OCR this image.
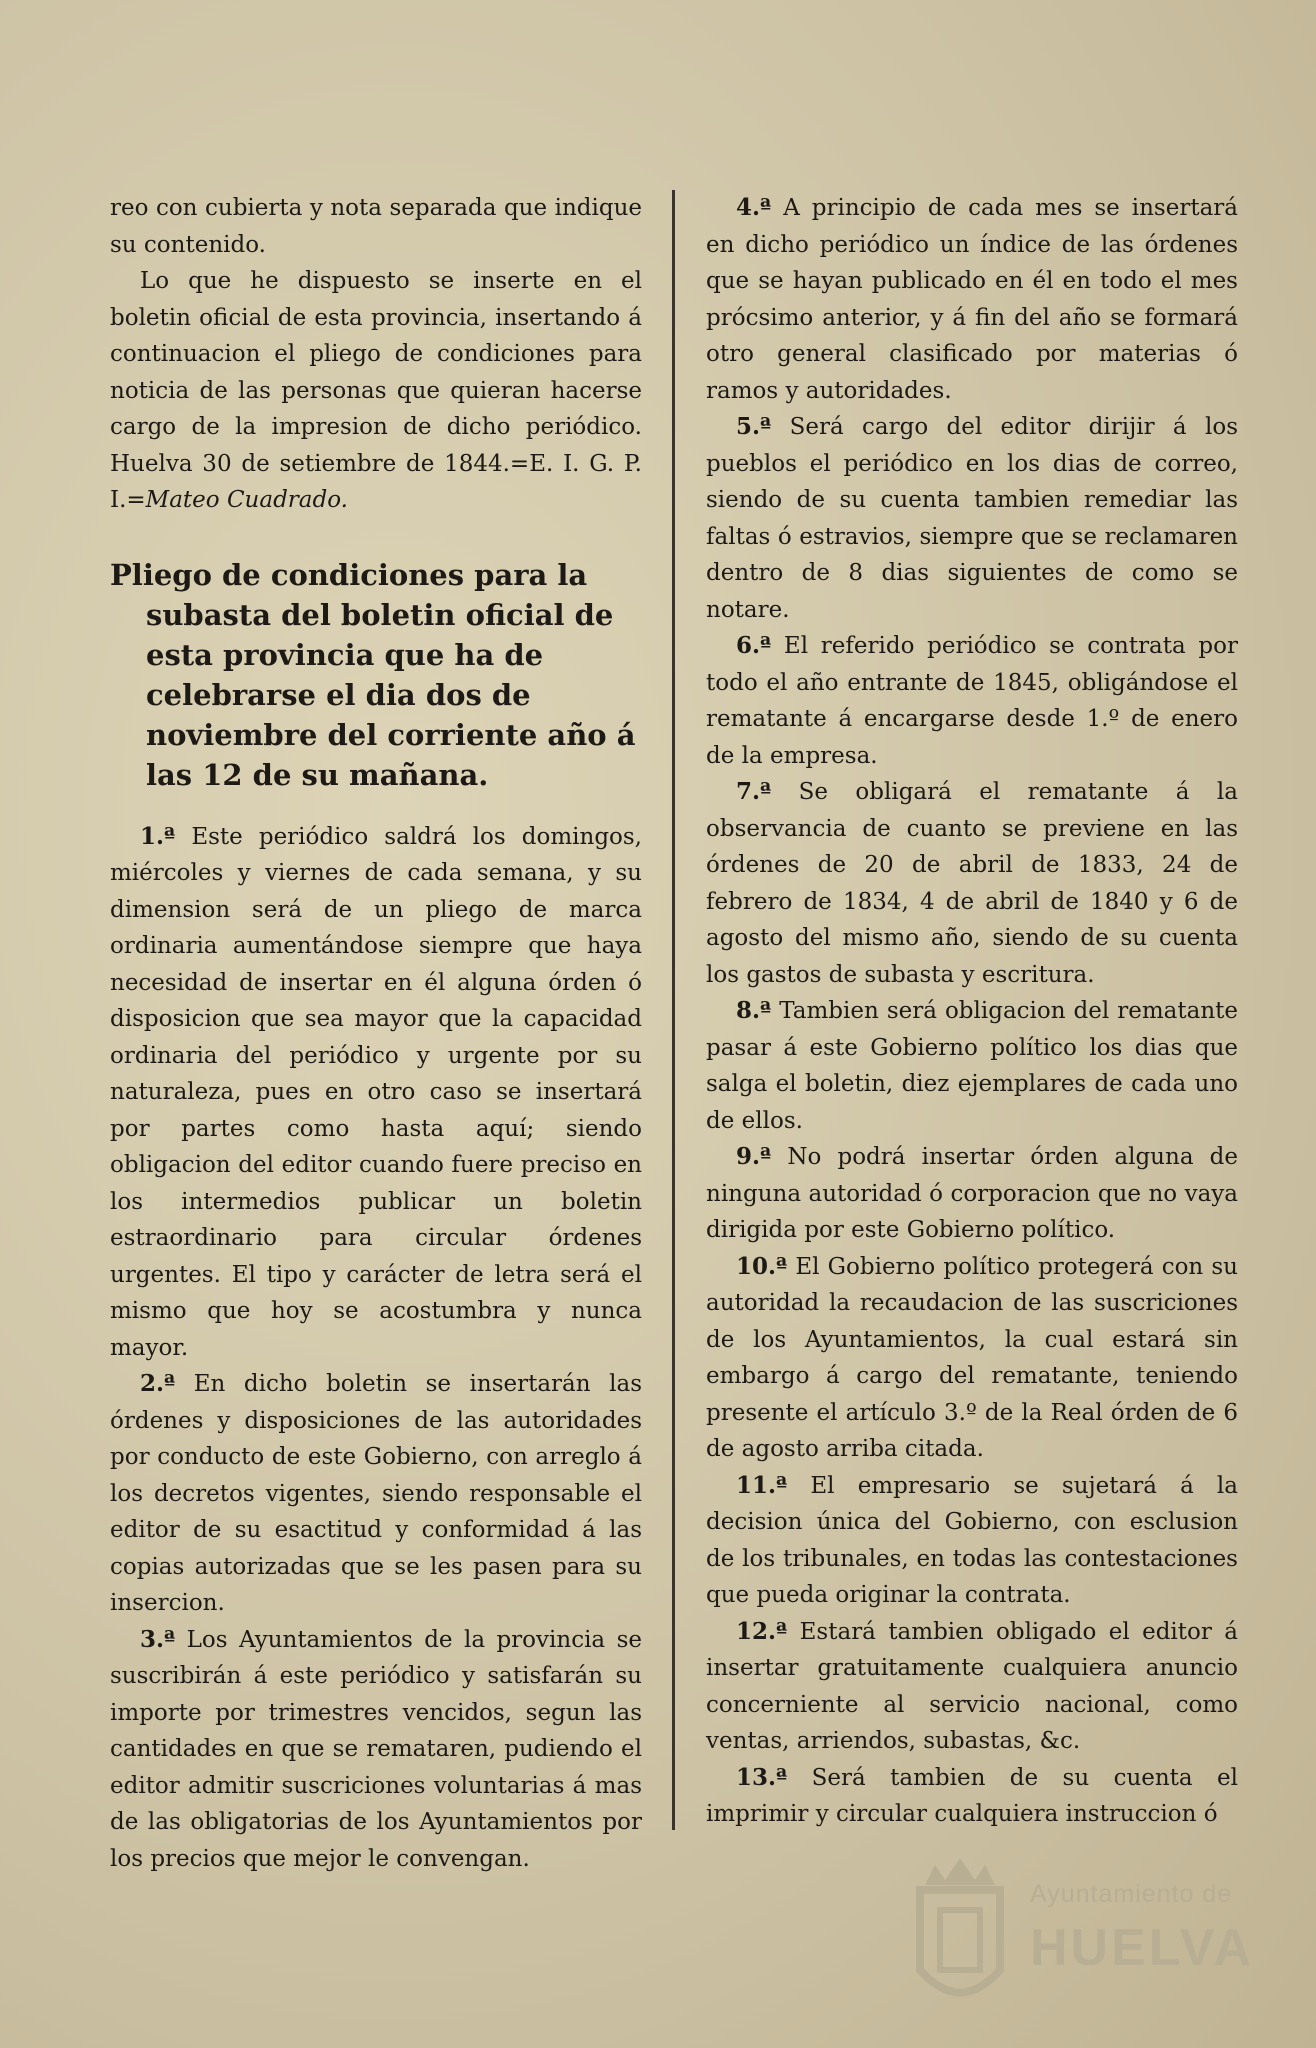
reo con cubierta y nota separada que indique su contenido.

Lo que he dispuesto se inserte en el boletin oficial de esta provincia, insertando á continuacion el pliego de condiciones para noticia de las personas que quieran hacerse cargo de la impresion de dicho periódico. Huelva 30 de setiembre de 1844.=E. I. G. P. I.=Mateo Cuadrado.

Pliego de condiciones para la subasta del boletin oficial de esta provincia que ha de celebrarse el dia dos de noviembre del corriente año á las 12 de su mañana.

1.ª Este periódico saldrá los domingos, miércoles y viernes de cada semana, y su dimension será de un pliego de marca ordinaria aumentándose siempre que haya necesidad de insertar en él alguna órden ó disposicion que sea mayor que la capacidad ordinaria del periódico y urgente por su naturaleza, pues en otro caso se insertará por partes como hasta aquí; siendo obligacion del editor cuando fuere preciso en los intermedios publicar un boletin estraordinario para circular órdenes urgentes. El tipo y carácter de letra será el mismo que hoy se acostumbra y nunca mayor.

2.ª En dicho boletin se insertarán las órdenes y disposiciones de las autoridades por conducto de este Gobierno, con arreglo á los decretos vigentes, siendo responsable el editor de su esactitud y conformidad á las copias autorizadas que se les pasen para su insercion.

3.ª Los Ayuntamientos de la provincia se suscribirán á este periódico y satisfarán su importe por trimestres vencidos, segun las cantidades en que se remataren, pudiendo el editor admitir suscriciones voluntarias á mas de las obligatorias de los Ayuntamientos por los precios que mejor le convengan.

4.ª A principio de cada mes se insertará en dicho periódico un índice de las órdenes que se hayan publicado en él en todo el mes prócsimo anterior, y á fin del año se formará otro general clasificado por materias ó ramos y autoridades.

5.ª Será cargo del editor dirijir á los pueblos el periódico en los dias de correo, siendo de su cuenta tambien remediar las faltas ó estravios, siempre que se reclamaren dentro de 8 dias siguientes de como se notare.

6.ª El referido periódico se contrata por todo el año entrante de 1845, obligándose el rematante á encargarse desde 1.º de enero de la empresa.

7.ª Se obligará el rematante á la observancia de cuanto se previene en las órdenes de 20 de abril de 1833, 24 de febrero de 1834, 4 de abril de 1840 y 6 de agosto del mismo año, siendo de su cuenta los gastos de subasta y escritura.

8.ª Tambien será obligacion del rematante pasar á este Gobierno político los dias que salga el boletin, diez ejemplares de cada uno de ellos.

9.ª No podrá insertar órden alguna de ninguna autoridad ó corporacion que no vaya dirigida por este Gobierno político.

10.ª El Gobierno político protegerá con su autoridad la recaudacion de las suscriciones de los Ayuntamientos, la cual estará sin embargo á cargo del rematante, teniendo presente el artículo 3.º de la Real órden de 6 de agosto arriba citada.

11.ª El empresario se sujetará á la decision única del Gobierno, con esclusion de los tribunales, en todas las contestaciones que pueda originar la contrata.

12.ª Estará tambien obligado el editor á insertar gratuitamente cualquiera anuncio concerniente al servicio nacional, como ventas, arriendos, subastas, &c.

13.ª Será tambien de su cuenta el imprimir y circular cualquiera instruccion ó

Ayuntamiento de
HUELVA
